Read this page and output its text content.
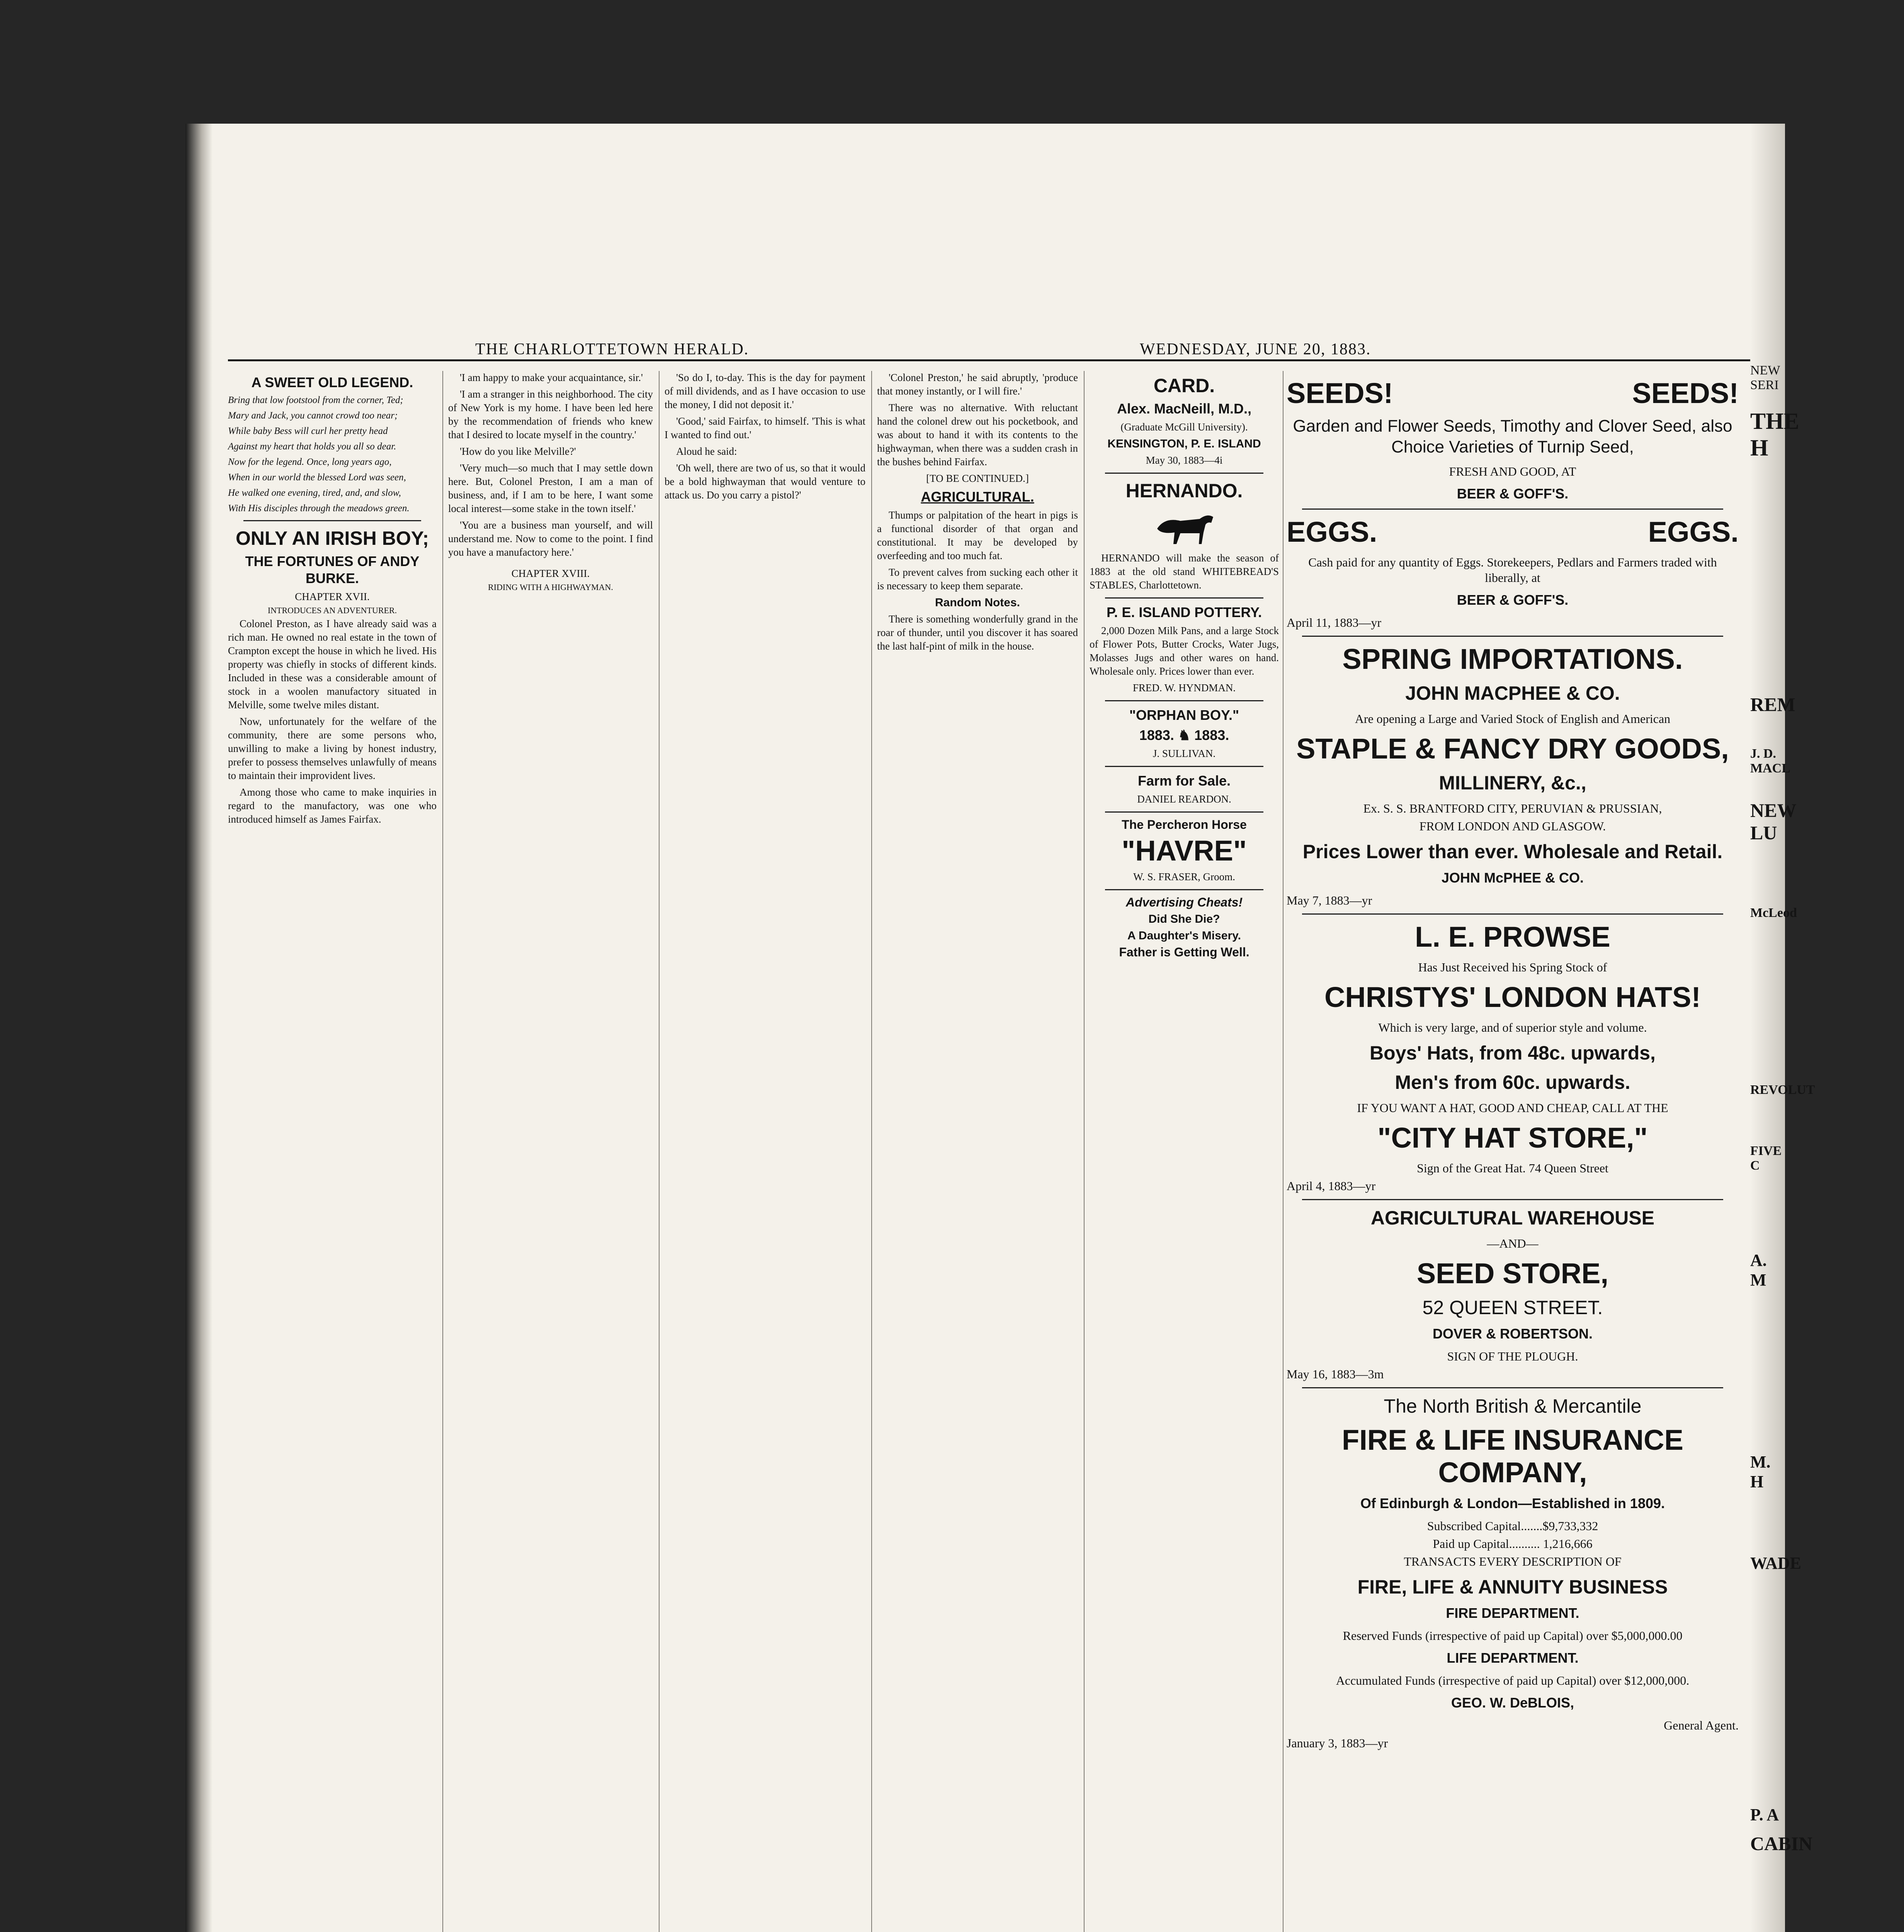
THE CHARLOTTETOWN HERALD.	WEDNESDAY, JUNE 20, 1883.
A SWEET OLD LEGEND.

Bring that low footstool from the corner, Ted;

Mary and Jack, you cannot crowd too near;

While baby Bess will curl her pretty head

Against my heart that holds you all so dear.

Now for the legend. Once, long years ago,

When in our world the blessed Lord was seen,

He walked one evening, tired, and, and slow,

With His disciples through the meadows green.

ONLY AN IRISH BOY;
THE FORTUNES OF ANDY BURKE.
CHAPTER XVII.
INTRODUCES AN ADVENTURER.

Colonel Preston, as I have already said was a rich man. He owned no real estate in the town of Crampton except the house in which he lived. His property was chiefly in stocks of different kinds. Included in these was a considerable amount of stock in a woolen manufactory situated in Melville, some twelve miles distant.

Now, unfortunately for the welfare of the community, there are some persons who, unwilling to make a living by honest industry, prefer to possess themselves unlawfully of means to maintain their improvident lives.

Among those who came to make inquiries in regard to the manufactory, was one who introduced himself as James Fairfax.

'I am happy to make your acquaintance, sir.'

'I am a stranger in this neighborhood. The city of New York is my home. I have been led here by the recommendation of friends who knew that I desired to locate myself in the country.'

'How do you like Melville?'

'Very much—so much that I may settle down here. But, Colonel Preston, I am a man of business, and, if I am to be here, I want some local interest—some stake in the town itself.'

'You are a business man yourself, and will understand me. Now to come to the point. I find you have a manufactory here.'

CHAPTER XVIII.
RIDING WITH A HIGHWAYMAN.

'So do I, to-day. This is the day for payment of mill dividends, and as I have occasion to use the money, I did not deposit it.'

'Good,' said Fairfax, to himself. 'This is what I wanted to find out.'

Aloud he said:

'Oh well, there are two of us, so that it would be a bold highwayman that would venture to attack us. Do you carry a pistol?'

'Colonel Preston,' he said abruptly, 'produce that money instantly, or I will fire.'

There was no alternative. With reluctant hand the colonel drew out his pocketbook, and was about to hand it with its contents to the highwayman, when there was a sudden crash in the bushes behind Fairfax.

[TO BE CONTINUED.]
AGRICULTURAL.

Thumps or palpitation of the heart in pigs is a functional disorder of that organ and constitutional. It may be developed by overfeeding and too much fat.

To prevent calves from sucking each other it is necessary to keep them separate.

Random Notes.

There is something wonderfully grand in the roar of thunder, until you discover it has soared the last half-pint of milk in the house.

CARD.
Alex. MacNeill, M.D.,
(Graduate McGill University).
KENSINGTON, P. E. ISLAND
May 30, 1883—4i
HERNANDO.

HERNANDO will make the season of 1883 at the old stand WHITEBREAD'S STABLES, Charlottetown.

P. E. ISLAND POTTERY.

2,000 Dozen Milk Pans, and a large Stock of Flower Pots, Butter Crocks, Water Jugs, Molasses Jugs and other wares on hand. Wholesale only. Prices lower than ever.

FRED. W. HYNDMAN.
"ORPHAN BOY."
1883. ♞ 1883.
J. SULLIVAN.
Farm for Sale.
DANIEL REARDON.
The Percheron Horse
"HAVRE"
W. S. FRASER, Groom.
Advertising Cheats!
Did She Die?
A Daughter's Misery.
Father is Getting Well.
SEEDS!	SEEDS!
Garden and Flower Seeds, Timothy and Clover Seed, also Choice Varieties of Turnip Seed,

FRESH AND GOOD, AT

BEER & GOFF'S.
EGGS.	EGGS.

Cash paid for any quantity of Eggs. Storekeepers, Pedlars and Farmers traded with liberally, at

BEER & GOFF'S.

April 11, 1883—yr

SPRING IMPORTATIONS.
JOHN MACPHEE & CO.

Are opening a Large and Varied Stock of English and American

STAPLE & FANCY DRY GOODS,
MILLINERY, &c.,

Ex. S. S. BRANTFORD CITY, PERUVIAN & PRUSSIAN,

FROM LONDON AND GLASGOW.

Prices Lower than ever. Wholesale and Retail.
JOHN McPHEE & CO.

May 7, 1883—yr

L. E. PROWSE

Has Just Received his Spring Stock of

CHRISTYS' LONDON HATS!

Which is very large, and of superior style and volume.

Boys' Hats, from 48c. upwards,
Men's from 60c. upwards.

IF YOU WANT A HAT, GOOD AND CHEAP, CALL AT THE

"CITY HAT STORE,"

Sign of the Great Hat. 74 Queen Street

April 4, 1883—yr

AGRICULTURAL WAREHOUSE

—AND—

SEED STORE,
52 QUEEN STREET.
DOVER & ROBERTSON.

SIGN OF THE PLOUGH.

May 16, 1883—3m

The North British & Mercantile
FIRE & LIFE INSURANCE COMPANY,
Of Edinburgh & London—Established in 1809.

Subscribed Capital.......$9,733,332

Paid up Capital.......... 1,216,666

TRANSACTS EVERY DESCRIPTION OF

FIRE, LIFE & ANNUITY BUSINESS
FIRE DEPARTMENT.

Reserved Funds (irrespective of paid up Capital) over $5,000,000.00

LIFE DEPARTMENT.

Accumulated Funds (irrespective of paid up Capital) over $12,000,000.

GEO. W. DeBLOIS,

General Agent.

January 3, 1883—yr

NEW SERI
THE H
REM
J. D. MACL
NEW LU
McLeod
REVOLUT
FIVE C
A. M
M. H
WADE
P. A
CABIN
